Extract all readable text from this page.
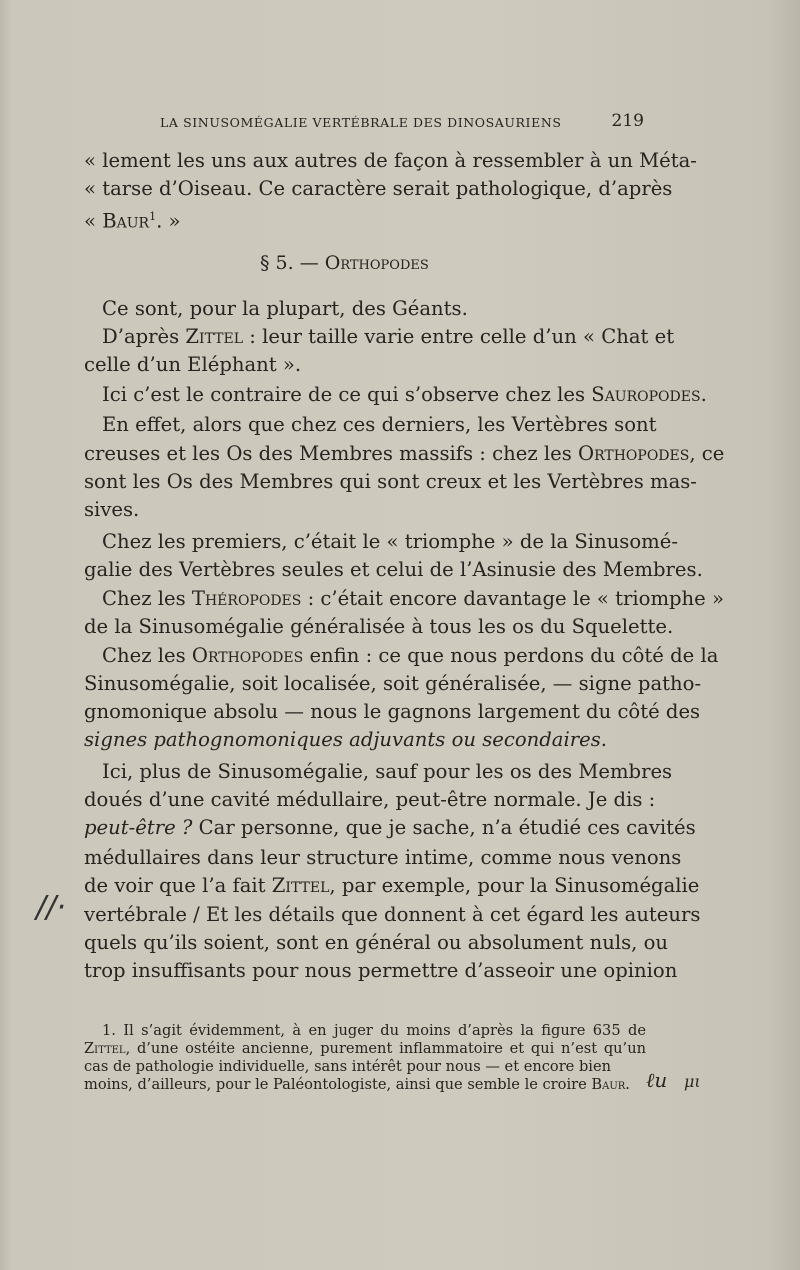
LA SINUSOMÉGALIE VERTÉBRALE DES DINOSAURIENS	219
« lement les uns aux autres de façon à ressembler à un Méta-
« tarse d’Oiseau. Ce caractère serait pathologique, d’après
« Baur$^1$. »
§ 5. — Orthopodes
Ce sont, pour la plupart, des Géants.
D’après Zittel : leur taille varie entre celle d’un « Chat et
celle d’un Eléphant ».
Ici c’est le contraire de ce qui s’observe chez les Sauropodes.
En effet, alors que chez ces derniers, les Vertèbres sont
creuses et les Os des Membres massifs : chez les Orthopodes, ce
sont les Os des Membres qui sont creux et les Vertèbres mas-
sives.
Chez les premiers, c’était le « triomphe » de la Sinusomé-
galie des Vertèbres seules et celui de l’Asinusie des Membres.
Chez les Théropodes : c’était encore davantage le « triomphe »
de la Sinusomégalie généralisée à tous les os du Squelette.
Chez les Orthopodes enfin : ce que nous perdons du côté de la
Sinusomégalie, soit localisée, soit généralisée, — signe patho-
gnomonique absolu — nous le gagnons largement du côté des
signes pathognomoniques adjuvants ou secondaires.
Ici, plus de Sinusomégalie, sauf pour les os des Membres
doués d’une cavité médullaire, peut-être normale. Je dis :
peut-être ? Car personne, que je sache, n’a étudié ces cavités
médullaires dans leur structure intime, comme nous venons
de voir que l’a fait Zittel, par exemple, pour la Sinusomégalie
vertébrale / Et les détails que donnent à cet égard les auteurs
quels qu’ils soient, sont en général ou absolument nuls, ou
trop insuffisants pour nous permettre d’asseoir une opinion
//·
1. Il s’agit évidemment, à en juger du moins d’après la figure 635 de
Zittel, d’une ostéite ancienne, purement inflammatoire et qui n’est qu’un
cas de pathologie individuelle, sans intérêt pour nous — et encore bien
moins, d’ailleurs, pour le Paléontologiste, ainsi que semble le croire Baur. ℓu μι
